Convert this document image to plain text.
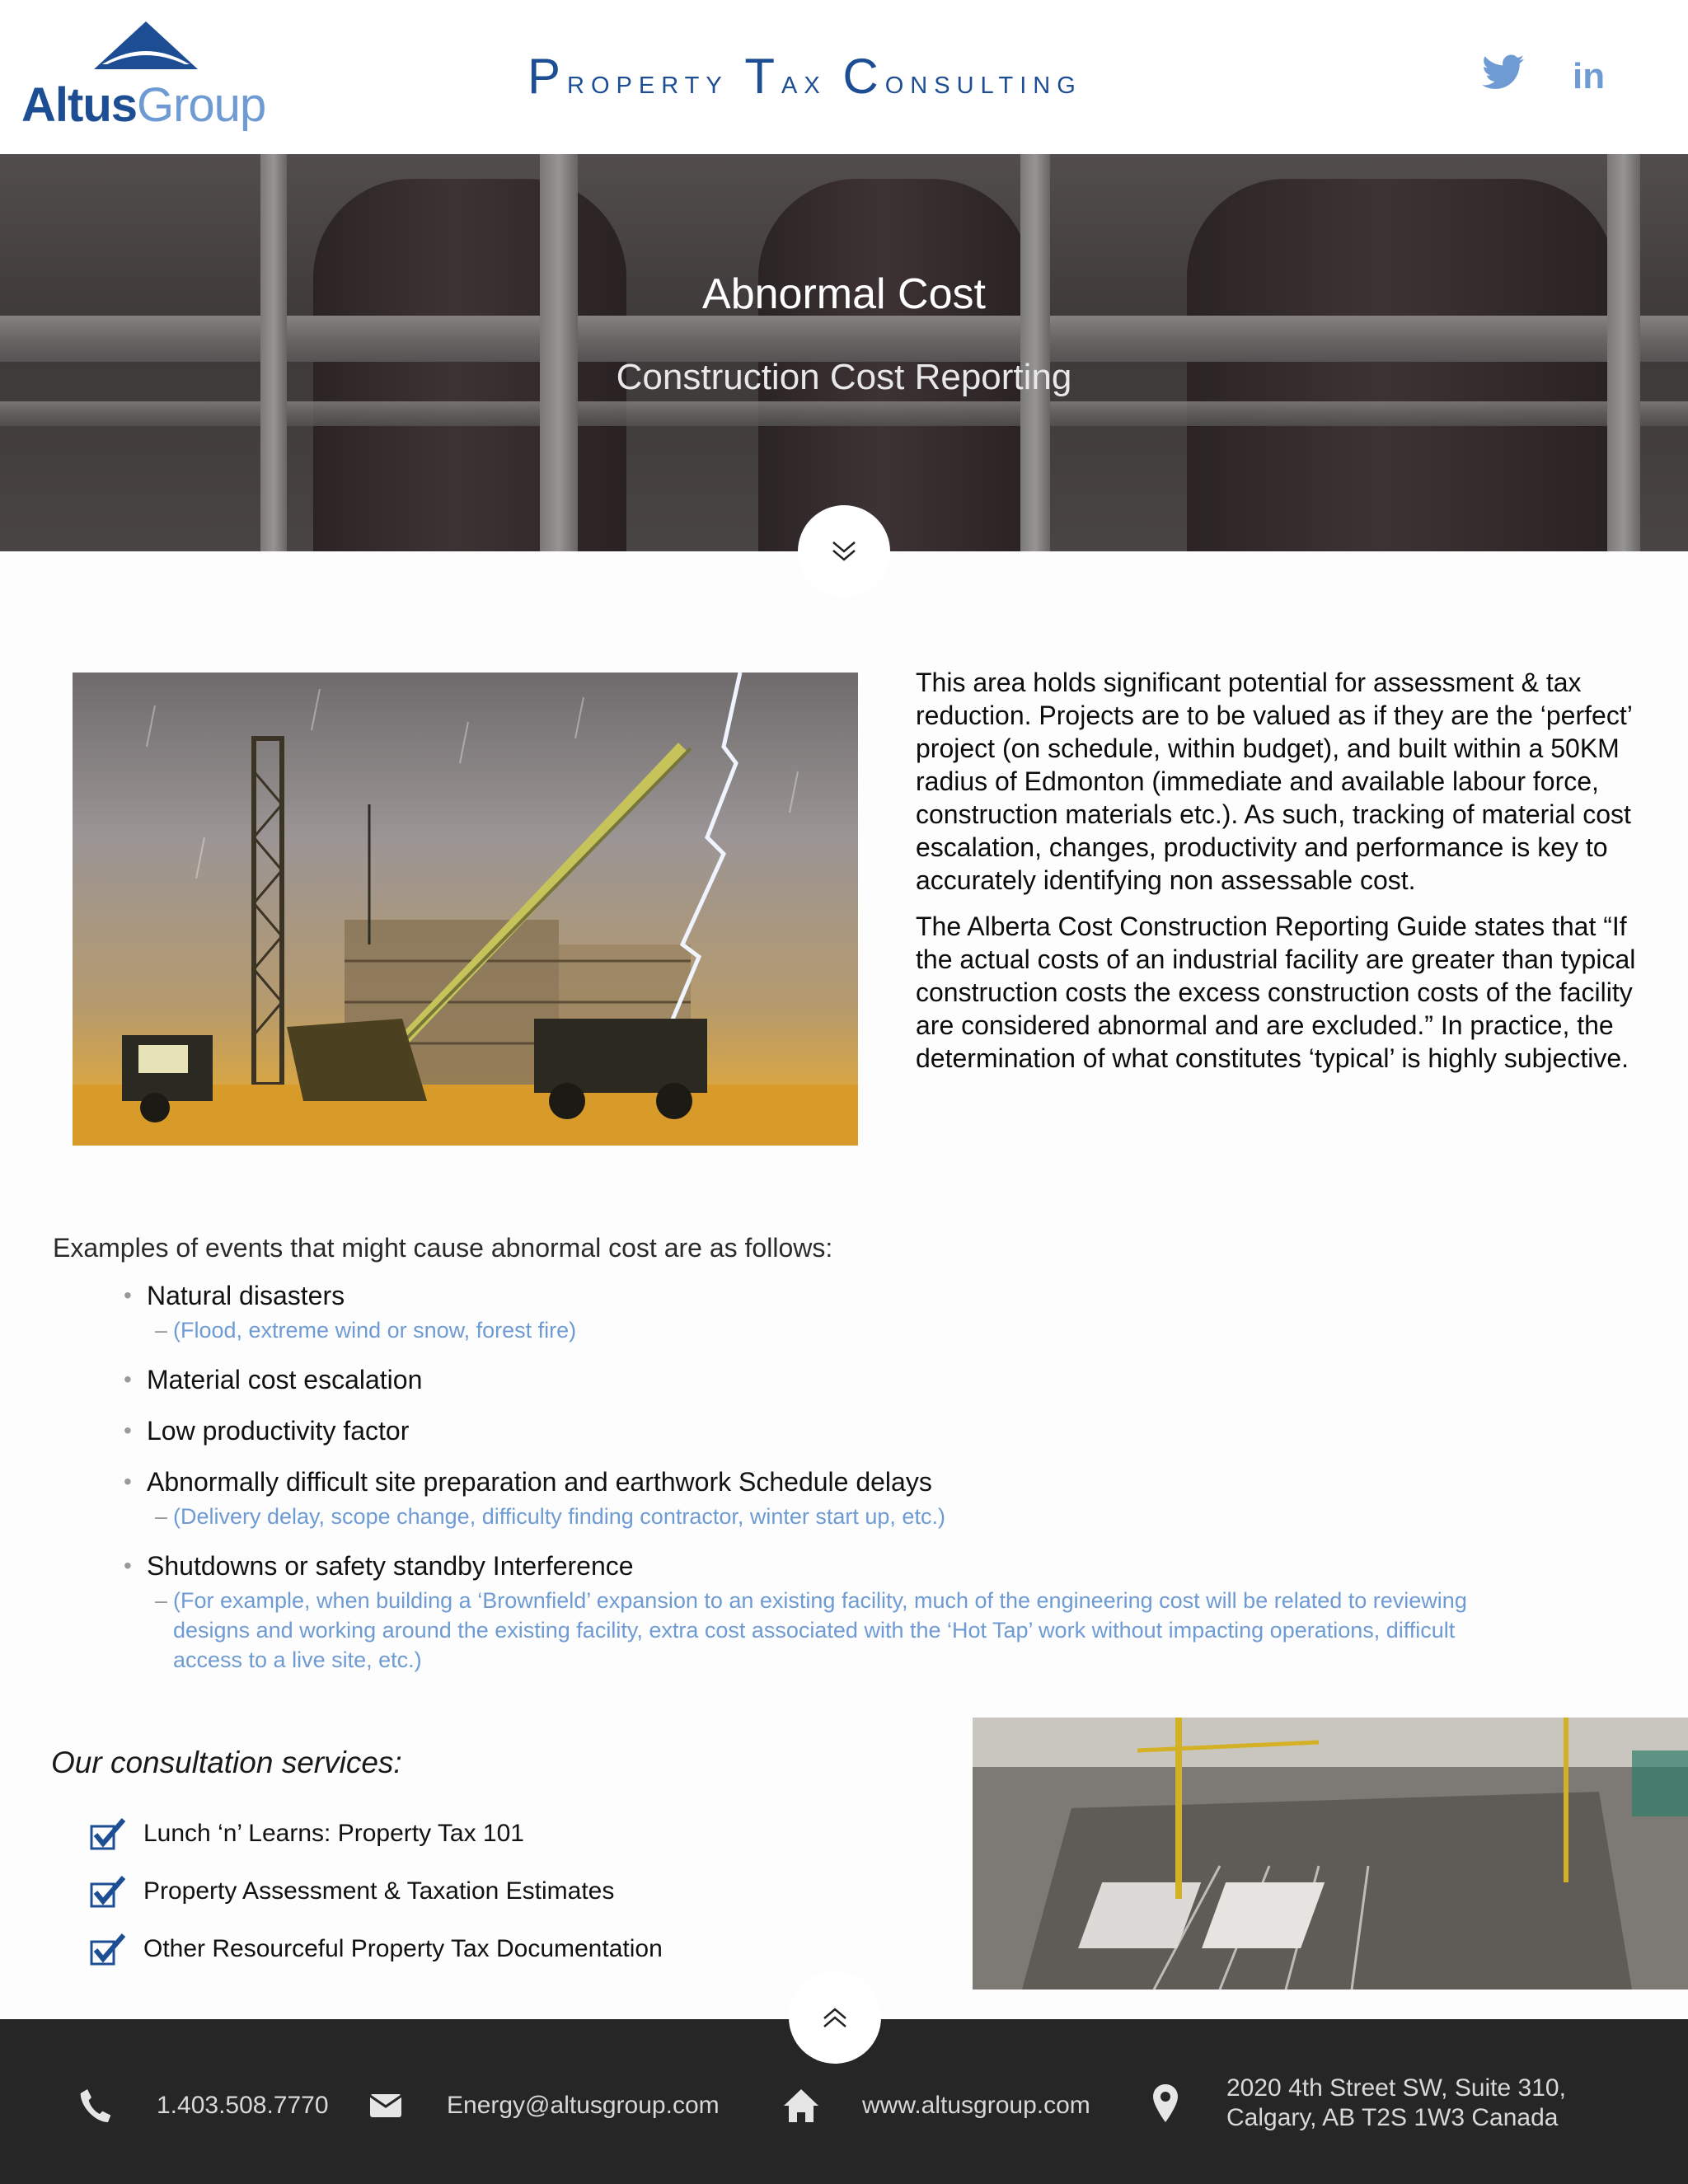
AltusGroup
Property Tax Consulting	in
Abnormal Cost
Construction Cost Reporting

This area holds significant potential for assessment & tax reduction. Projects are to be valued as if they are the ‘perfect’ project (on schedule, within budget), and built within a 50KM radius of Edmonton (immediate and available labour force, construction materials etc.). As such, tracking of material cost escalation, changes, productivity and performance is key to accurately identifying non assessable cost.

The Alberta Cost Construction Reporting Guide states that “If the actual costs of an industrial facility are greater than typical construction costs the excess construction costs of the facility are considered abnormal and are excluded.” In practice, the determination of what constitutes ‘typical’ is highly subjective.

Examples of events that might cause abnormal cost are as follows:
• Natural disasters
– (Flood, extreme wind or snow, forest fire)
• Material cost escalation
• Low productivity factor
• Abnormally difficult site preparation and earthwork Schedule delays
– (Delivery delay, scope change, difficulty finding contractor, winter start up, etc.)
• Shutdowns or safety standby Interference
– (For example, when building a ‘Brownfield’ expansion to an existing facility, much of the engineering cost will be related to reviewing designs and working around the existing facility, extra cost associated with the ‘Hot Tap’ work without impacting operations, difficult access to a live site, etc.)
Our consultation services:
Lunch ‘n’ Learns: Property Tax 101
Property Assessment & Taxation Estimates
Other Resourceful Property Tax Documentation
1.403.508.7770	Energy@altusgroup.com	www.altusgroup.com
2020 4th Street SW, Suite 310,
Calgary, AB T2S 1W3 Canada
